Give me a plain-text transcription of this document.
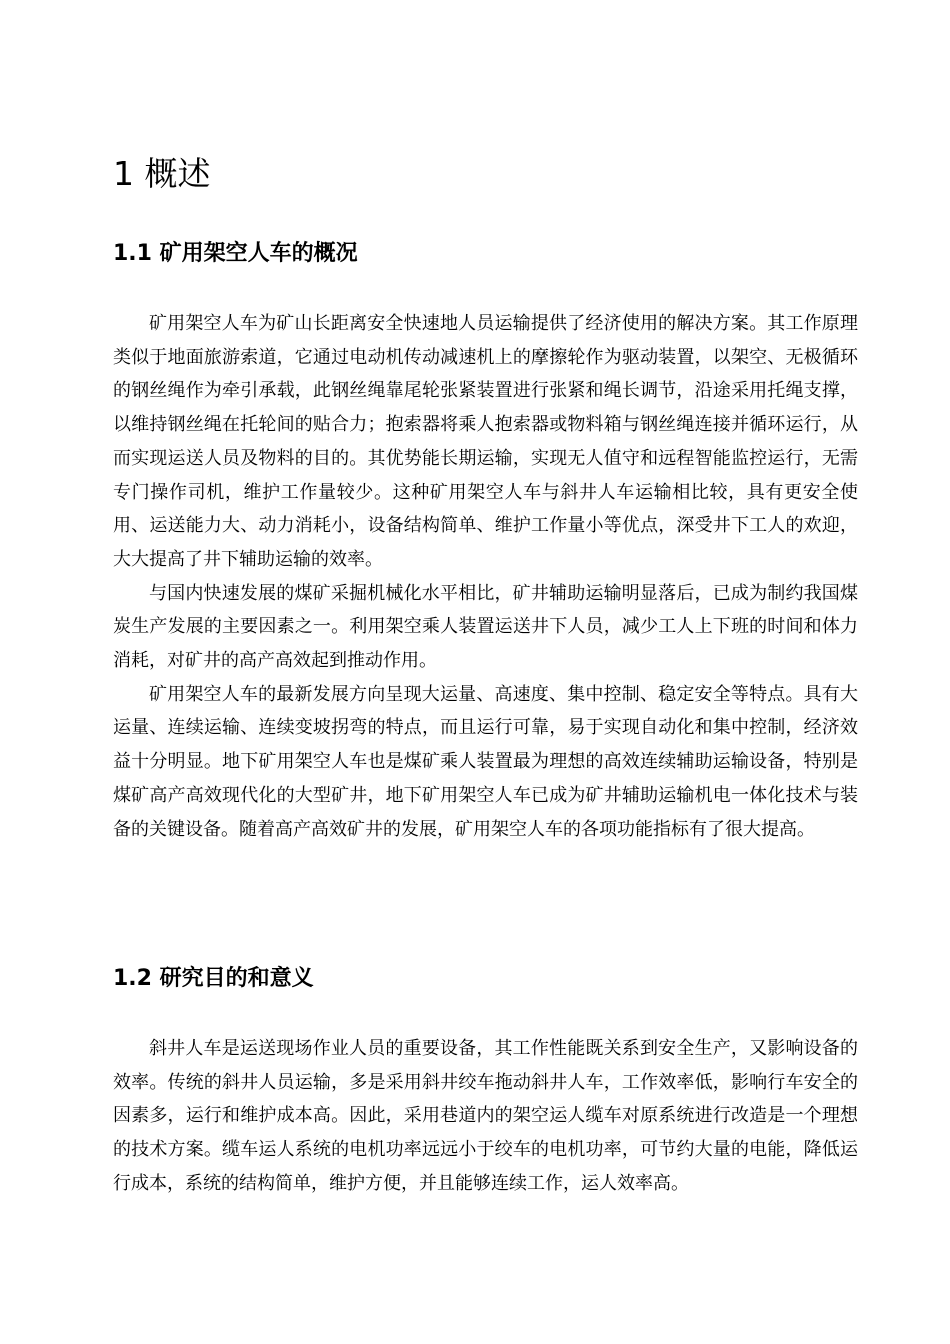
1 概述
1.1 矿用架空人车的概况

矿用架空人车为矿山长距离安全快速地人员运输提供了经济使用的解决方案。其工作原理类似于地面旅游索道，它通过电动机传动减速机上的摩擦轮作为驱动装置，以架空、无极循环的钢丝绳作为牵引承载，此钢丝绳靠尾轮张紧装置进行张紧和绳长调节，沿途采用托绳支撑，以维持钢丝绳在托轮间的贴合力；抱索器将乘人抱索器或物料箱与钢丝绳连接并循环运行，从而实现运送人员及物料的目的。其优势能长期运输，实现无人值守和远程智能监控运行，无需专门操作司机，维护工作量较少。这种矿用架空人车与斜井人车运输相比较，具有更安全使用、运送能力大、动力消耗小，设备结构简单、维护工作量小等优点，深受井下工人的欢迎，大大提高了井下辅助运输的效率。

与国内快速发展的煤矿采掘机械化水平相比，矿井辅助运输明显落后，已成为制约我国煤炭生产发展的主要因素之一。利用架空乘人装置运送井下人员，减少工人上下班的时间和体力消耗，对矿井的高产高效起到推动作用。

矿用架空人车的最新发展方向呈现大运量、高速度、集中控制、稳定安全等特点。具有大运量、连续运输、连续变坡拐弯的特点，而且运行可靠，易于实现自动化和集中控制，经济效益十分明显。地下矿用架空人车也是煤矿乘人装置最为理想的高效连续辅助运输设备，特别是煤矿高产高效现代化的大型矿井，地下矿用架空人车已成为矿井辅助运输机电一体化技术与装备的关键设备。随着高产高效矿井的发展，矿用架空人车的各项功能指标有了很大提高。

1.2 研究目的和意义

斜井人车是运送现场作业人员的重要设备，其工作性能既关系到安全生产，又影响设备的效率。传统的斜井人员运输，多是采用斜井绞车拖动斜井人车，工作效率低，影响行车安全的因素多，运行和维护成本高。因此，采用巷道内的架空运人缆车对原系统进行改造是一个理想的技术方案。缆车运人系统的电机功率远远小于绞车的电机功率，可节约大量的电能，降低运行成本，系统的结构简单，维护方便，并且能够连续工作，运人效率高。
